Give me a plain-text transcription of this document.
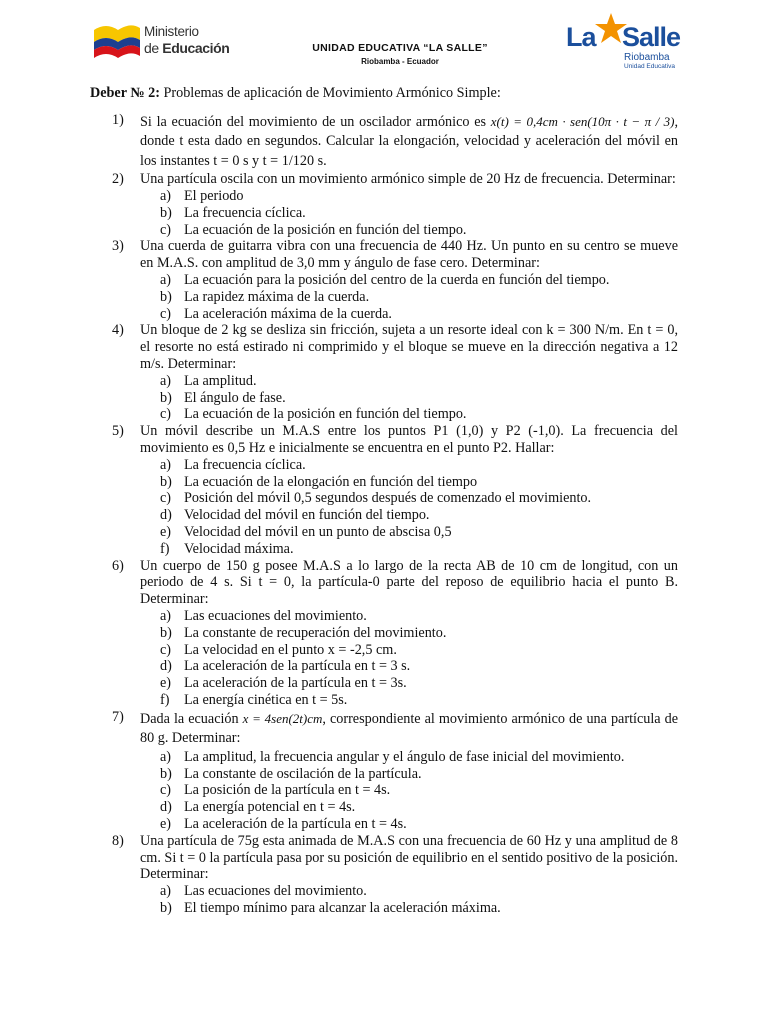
Ministerio
de Educación	UNIDAD EDUCATIVA “LA SALLE”
Riobamba - Ecuador
La Salle
Riobamba
Unidad Educativa
Deber № 2: Problemas de aplicación de Movimiento Armónico Simple:
1) Si la ecuación del movimiento de un oscilador armónico es x(t) = 0,4cm · sen(10π · t − π / 3), donde t esta dado en segundos. Calcular la elongación, velocidad y aceleración del móvil en los instantes t = 0 s y t = 1/120 s.
2) Una partícula oscila con un movimiento armónico simple de 20 Hz de frecuencia. Determinar:
a) El periodo
b) La frecuencia cíclica.
c) La ecuación de la posición en función del tiempo.
3) Una cuerda de guitarra vibra con una frecuencia de 440 Hz. Un punto en su centro se mueve en M.A.S. con amplitud de 3,0 mm y ángulo de fase cero. Determinar:
a) La ecuación para la posición del centro de la cuerda en función del tiempo.
b) La rapidez máxima de la cuerda.
c) La aceleración máxima de la cuerda.
4) Un bloque de 2 kg se desliza sin fricción, sujeta a un resorte ideal con k = 300 N/m. En t = 0, el resorte no está estirado ni comprimido y el bloque se mueve en la dirección negativa a 12 m/s. Determinar:
a) La amplitud.
b) El ángulo de fase.
c) La ecuación de la posición en función del tiempo.
5) Un móvil describe un M.A.S entre los puntos P1 (1,0) y P2 (-1,0). La frecuencia del movimiento es 0,5 Hz e inicialmente se encuentra en el punto P2. Hallar:
a) La frecuencia cíclica.
b) La ecuación de la elongación en función del tiempo
c) Posición del móvil 0,5 segundos después de comenzado el movimiento.
d) Velocidad del móvil en función del tiempo.
e) Velocidad del móvil en un punto de abscisa 0,5
f) Velocidad máxima.
6) Un cuerpo de 150 g posee M.A.S a lo largo de la recta AB de 10 cm de longitud, con un periodo de 4 s. Si t = 0, la partícula-0 parte del reposo de equilibrio hacia el punto B. Determinar:
a) Las ecuaciones del movimiento.
b) La constante de recuperación del movimiento.
c) La velocidad en el punto x = -2,5 cm.
d) La aceleración de la partícula en t = 3 s.
e) La aceleración de la partícula en t = 3s.
f) La energía cinética en t = 5s.
7) Dada la ecuación x = 4sen(2t)cm, correspondiente al movimiento armónico de una partícula de 80 g. Determinar:
a) La amplitud, la frecuencia angular y el ángulo de fase inicial del movimiento.
b) La constante de oscilación de la partícula.
c) La posición de la partícula en t = 4s.
d) La energía potencial en t = 4s.
e) La aceleración de la partícula en t = 4s.
8) Una partícula de 75g esta animada de M.A.S con una frecuencia de 60 Hz y una amplitud de 8 cm. Si t = 0 la partícula pasa por su posición de equilibrio en el sentido positivo de la posición. Determinar:
a) Las ecuaciones del movimiento.
b) El tiempo mínimo para alcanzar la aceleración máxima.
